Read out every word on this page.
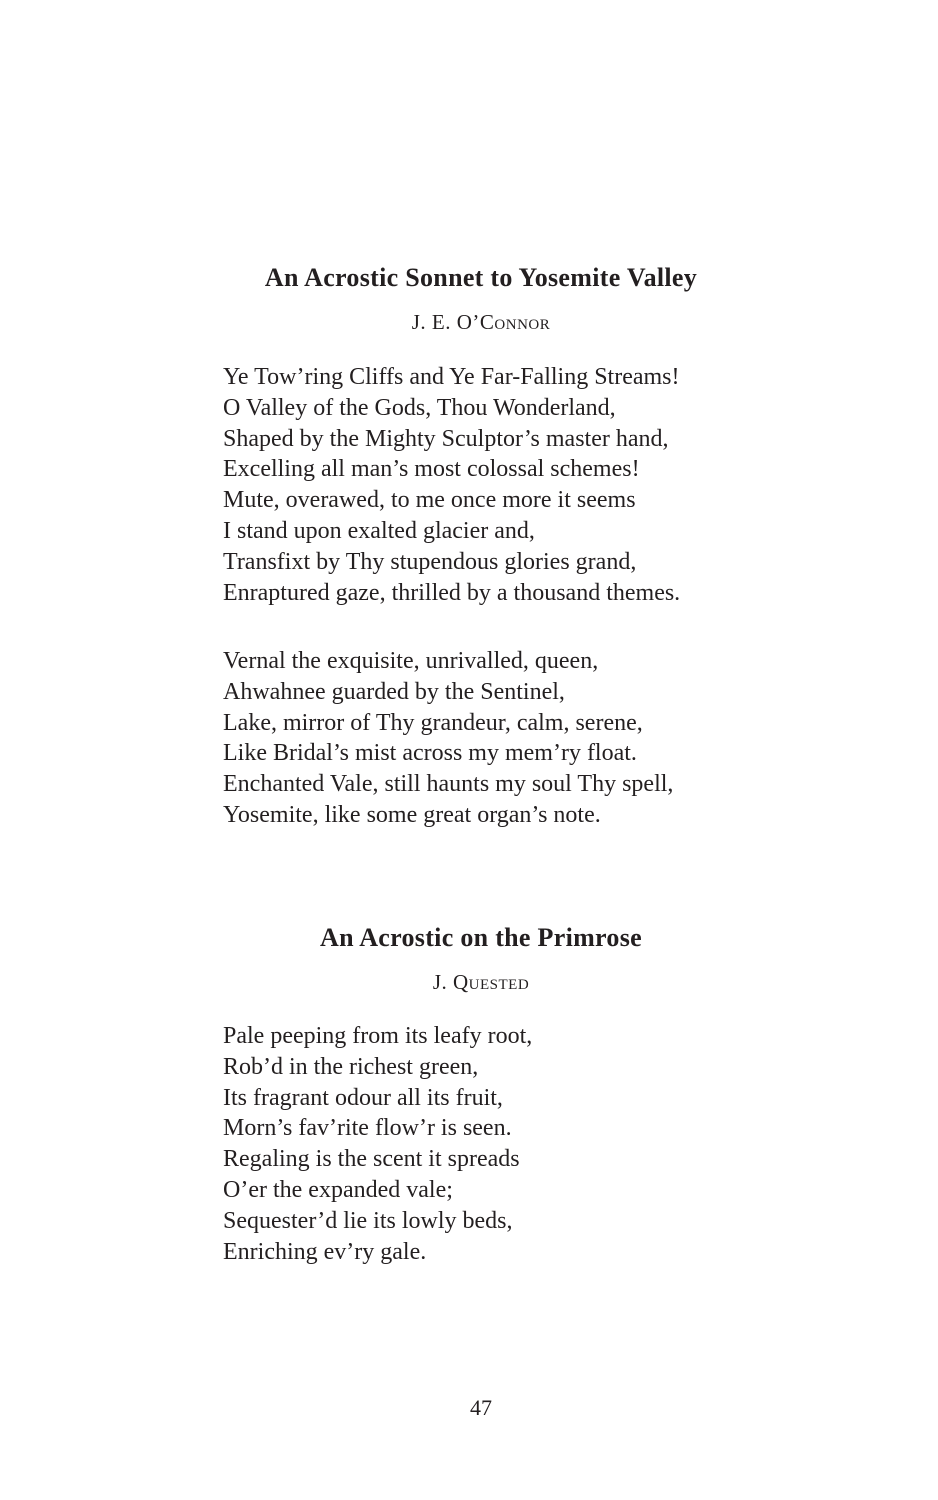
An Acrostic Sonnet to Yosemite Valley
J. E. O’Connor
Ye Tow’ring Cliffs and Ye Far-Falling Streams!
O Valley of the Gods, Thou Wonderland,
Shaped by the Mighty Sculptor’s master hand,
Excelling all man’s most colossal schemes!
Mute, overawed, to me once more it seems
I stand upon exalted glacier and,
Transfixt by Thy stupendous glories grand,
Enraptured gaze, thrilled by a thousand themes.
Vernal the exquisite, unrivalled, queen,
Ahwahnee guarded by the Sentinel,
Lake, mirror of Thy grandeur, calm, serene,
Like Bridal’s mist across my mem’ry float.
Enchanted Vale, still haunts my soul Thy spell,
Yosemite, like some great organ’s note.
An Acrostic on the Primrose
J. Quested
Pale peeping from its leafy root,
Rob’d in the richest green,
Its fragrant odour all its fruit,
Morn’s fav’rite flow’r is seen.
Regaling is the scent it spreads
O’er the expanded vale;
Sequester’d lie its lowly beds,
Enriching ev’ry gale.
47
